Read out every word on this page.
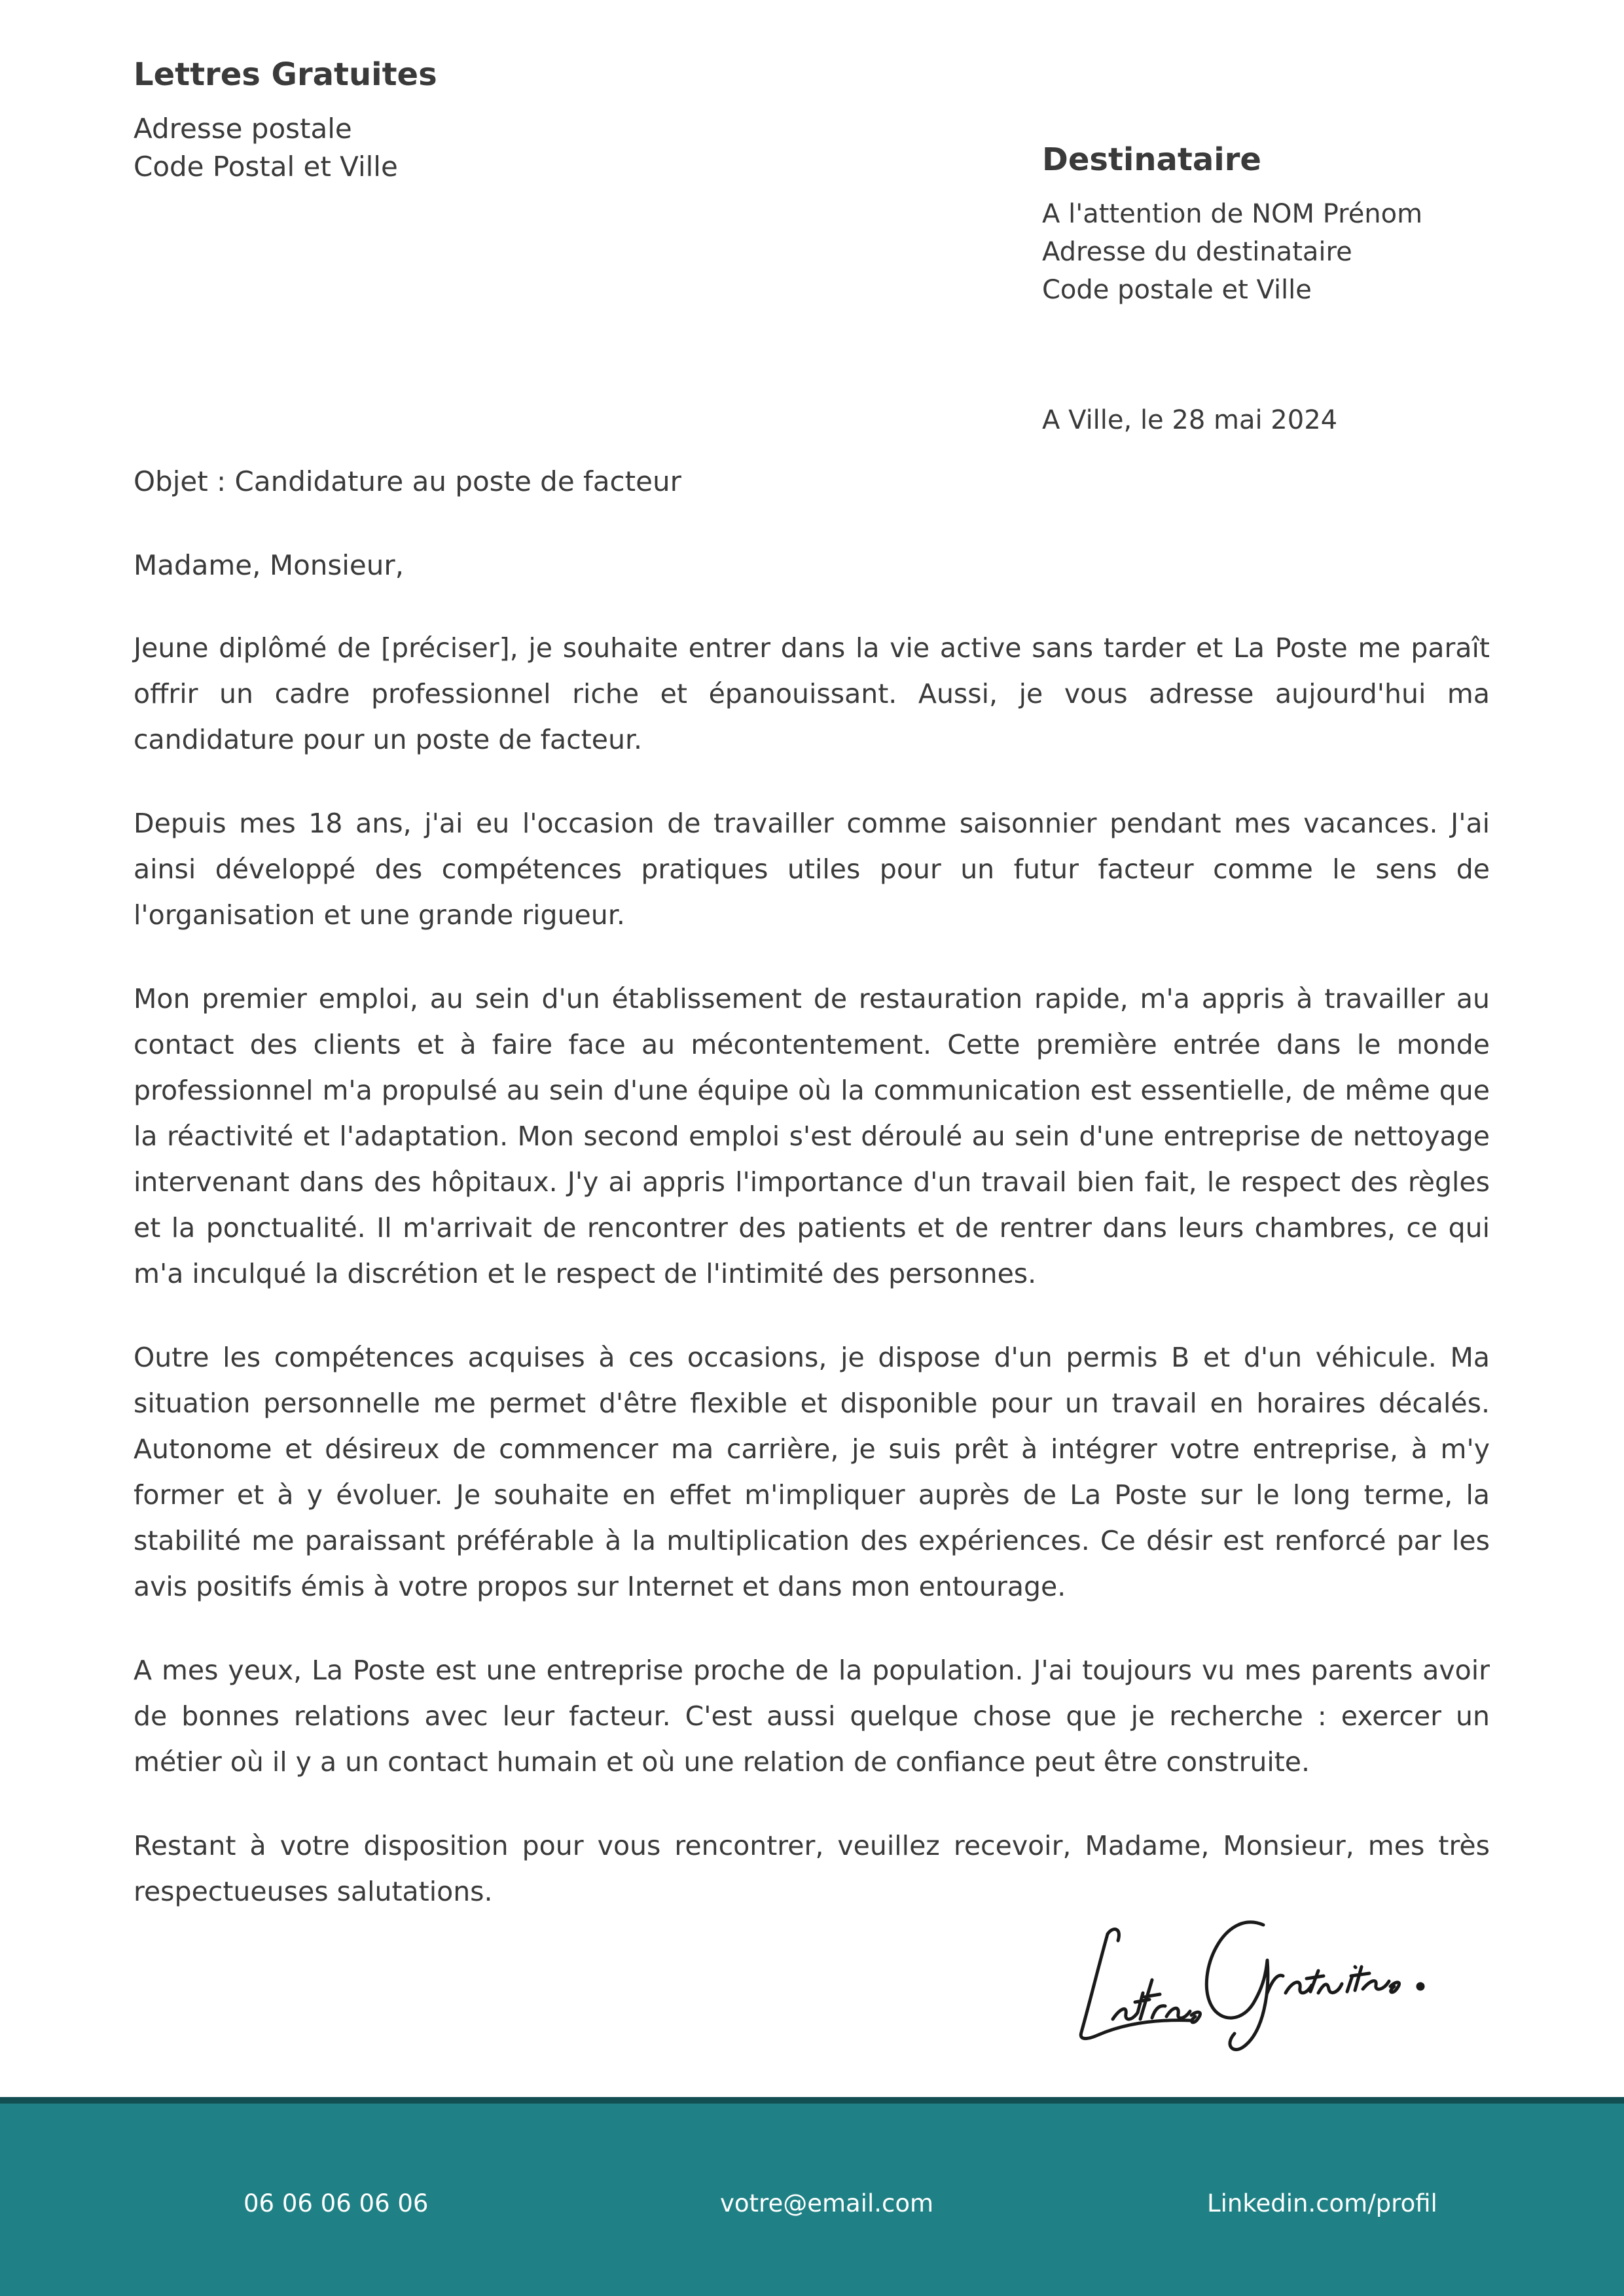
Lettres Gratuites
Adresse postale
Code Postal et Ville	Destinataire
A l'attention de NOM Prénom
Adresse du destinataire
Code postale et Ville
A Ville, le 28 mai 2024
Objet : Candidature au poste de facteur
Madame, Monsieur,

Jeune diplômé de [préciser], je souhaite entrer dans la vie active sans tarder et La Poste me paraît offrir un cadre professionnel riche et épanouissant. Aussi, je vous adresse aujourd'hui ma candidature pour un poste de facteur.

Depuis mes 18 ans, j'ai eu l'occasion de travailler comme saisonnier pendant mes vacances. J'ai ainsi développé des compétences pratiques utiles pour un futur facteur comme le sens de l'organisation et une grande rigueur.

Mon premier emploi, au sein d'un établissement de restauration rapide, m'a appris à travailler au contact des clients et à faire face au mécontentement. Cette première entrée dans le monde professionnel m'a propulsé au sein d'une équipe où la communication est essentielle, de même que la réactivité et l'adaptation. Mon second emploi s'est déroulé au sein d'une entreprise de nettoyage intervenant dans des hôpitaux. J'y ai appris l'importance d'un travail bien fait, le respect des règles et la ponctualité. Il m'arrivait de rencontrer des patients et de rentrer dans leurs chambres, ce qui m'a inculqué la discrétion et le respect de l'intimité des personnes.

Outre les compétences acquises à ces occasions, je dispose d'un permis B et d'un véhicule. Ma situation personnelle me permet d'être flexible et disponible pour un travail en horaires décalés. Autonome et désireux de commencer ma carrière, je suis prêt à intégrer votre entreprise, à m'y former et à y évoluer. Je souhaite en effet m'impliquer auprès de La Poste sur le long terme, la stabilité me paraissant préférable à la multiplication des expériences. Ce désir est renforcé par les avis positifs émis à votre propos sur Internet et dans mon entourage.

A mes yeux, La Poste est une entreprise proche de la population. J'ai toujours vu mes parents avoir de bonnes relations avec leur facteur. C'est aussi quelque chose que je recherche : exercer un métier où il y a un contact humain et où une relation de confiance peut être construite.

Restant à votre disposition pour vous rencontrer, veuillez recevoir, Madame, Monsieur, mes très respectueuses salutations.

06 06 06 06 06	votre@email.com	Linkedin.com/profil
